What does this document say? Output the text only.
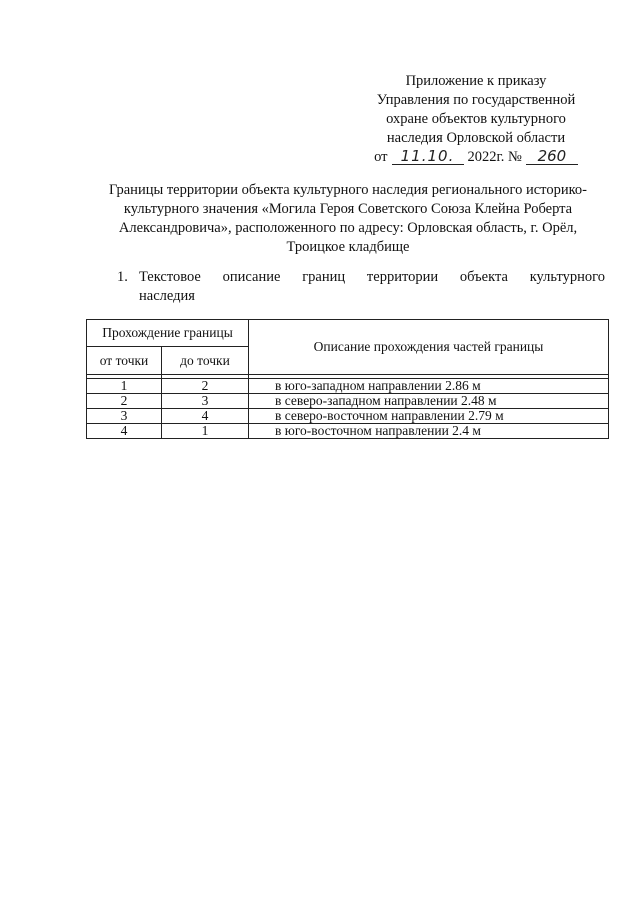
Приложение к приказу
Управления по государственной
охране объектов культурного
наследия Орловской области
от 11.10. 2022г. №	260
Границы территории объекта культурного наследия регионального историко-
культурного значения «Могила Героя Советского Союза Клейна Роберта
Александровича», расположенного по адресу: Орловская область, г. Орёл,
Троицкое кладбище
1. Текстовое описание границ территории объекта культурного
наследия
Прохождение границы		Описание прохождения частей границы
от точки	до точки	

1	2	в юго-западном направлении 2.86 м
2	3	в северо-западном направлении 2.48 м
3	4	в северо-восточном направлении 2.79 м
4	1	в юго-восточном направлении 2.4 м
